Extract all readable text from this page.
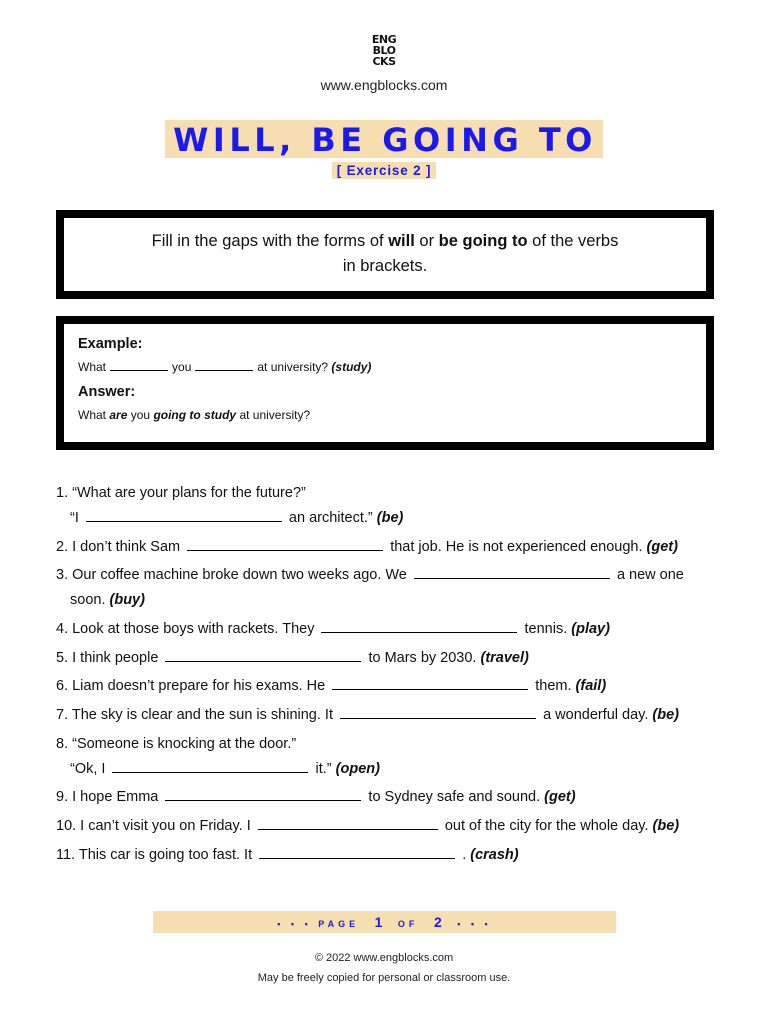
ENG
BLO
CKS
www.engblocks.com
WILL, BE GOING TO
[ Exercise 2 ]
Fill in the gaps with the forms of will or be going to of the verbs
in brackets.
Example:
What	you	at university? (study)
Answer:
What are you going to study at university?
1. “What are your plans for the future?”
“I	an architect.” (be)
2. I don’t think Sam	that job. He is not experienced enough. (get)
3. Our coffee machine broke down two weeks ago. We	a new one
soon. (buy)
4. Look at those boys with rackets. They	tennis. (play)
5. I think people	to Mars by 2030. (travel)
6. Liam doesn’t prepare for his exams. He	them. (fail)
7. The sky is clear and the sun is shining. It	a wonderful day. (be)
8. “Someone is knocking at the door.”
“Ok, I	it.” (open)
9. I hope Emma	to Sydney safe and sound. (get)
10. I can’t visit you on Friday. I	out of the city for the whole day. (be)
11. This car is going too fast. It	. (crash)
• • • PAGE 1 OF 2 • • •
© 2022 www.engblocks.com
May be freely copied for personal or classroom use.
